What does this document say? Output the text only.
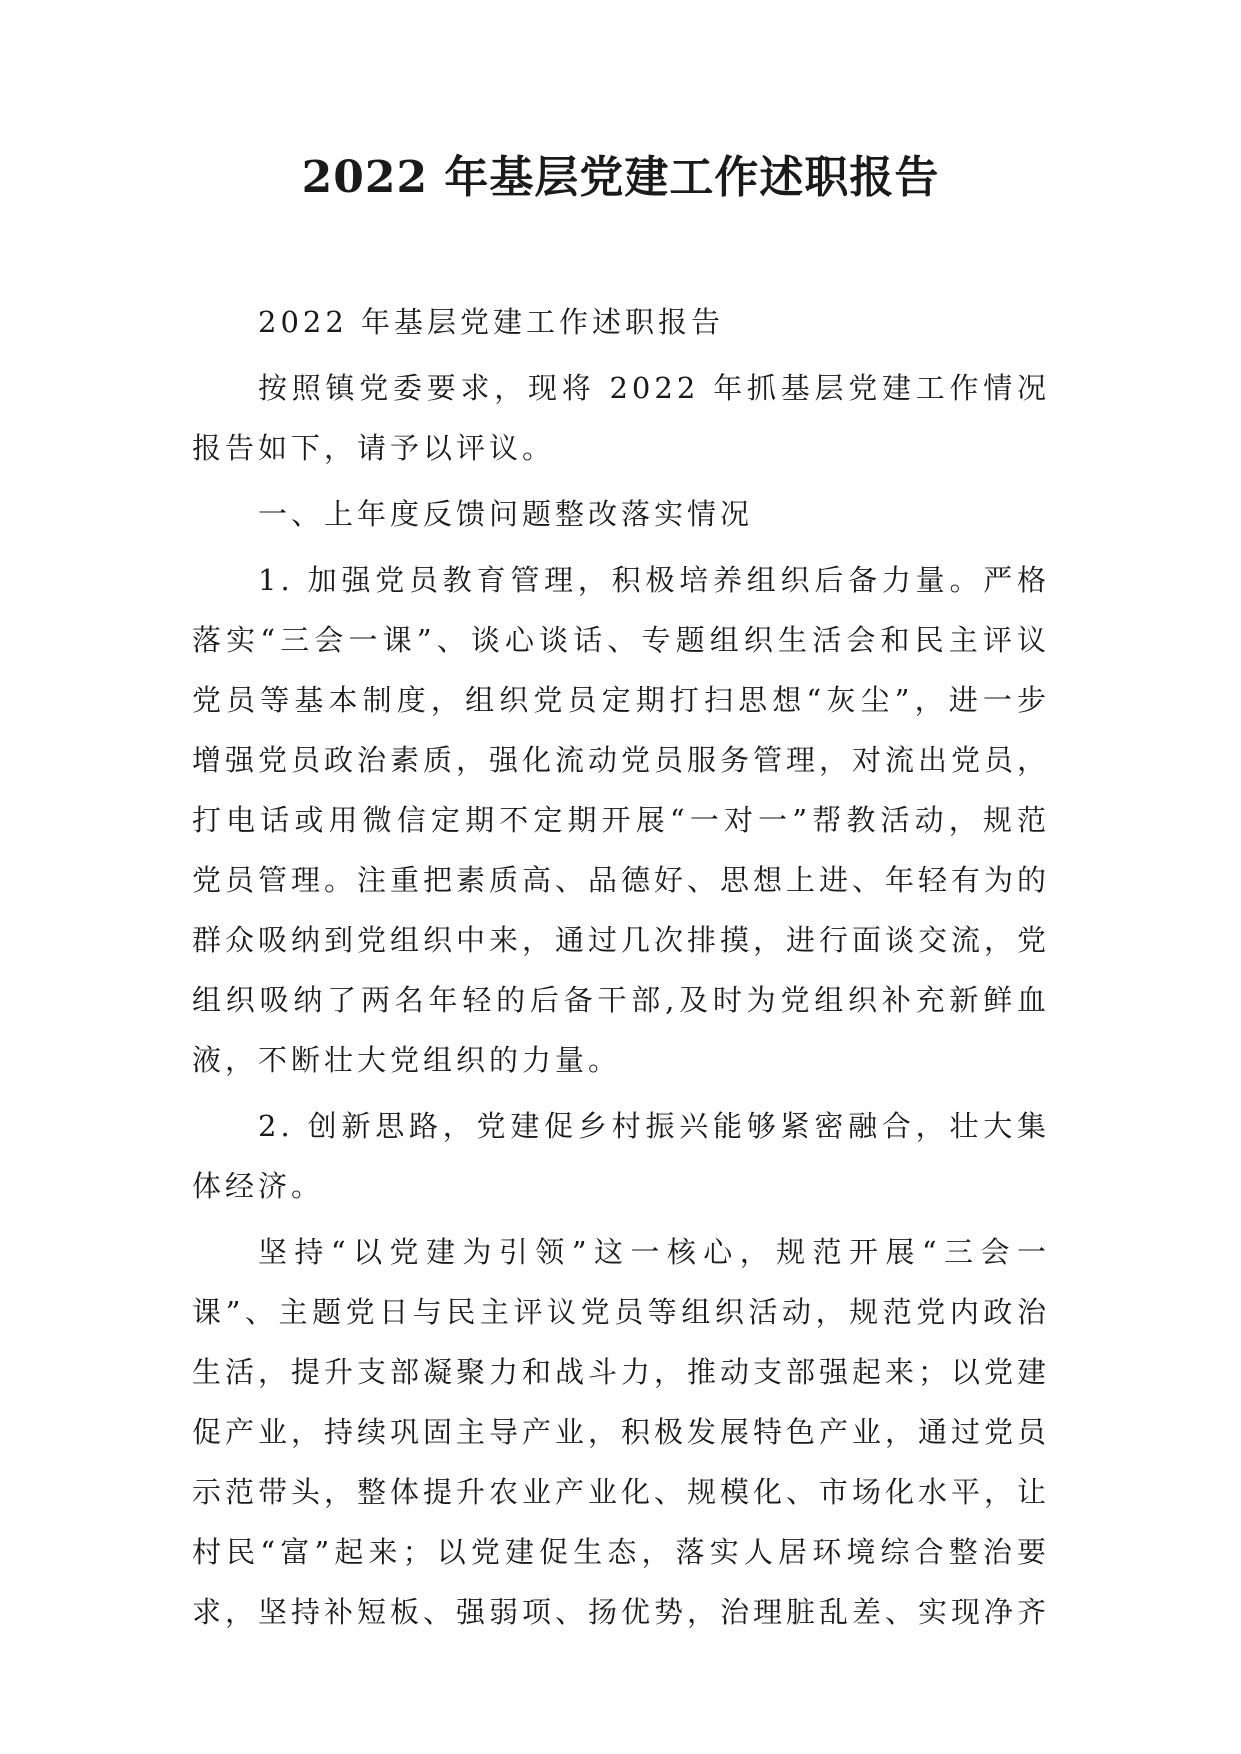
2022 年基层党建工作述职报告

2022 年基层党建工作述职报告

按照镇党委要求，现将 2022 年抓基层党建工作情况报告如下，请予以评议。

一、上年度反馈问题整改落实情况

1. 加强党员教育管理，积极培养组织后备力量。严格落实“三会一课”、谈心谈话、专题组织生活会和民主评议党员等基本制度，组织党员定期打扫思想“灰尘”，进一步增强党员政治素质，强化流动党员服务管理，对流出党员，打电话或用微信定期不定期开展“一对一”帮教活动，规范党员管理。注重把素质高、品德好、思想上进、年轻有为的群众吸纳到党组织中来，通过几次排摸，进行面谈交流，党组织吸纳了两名年轻的后备干部,及时为党组织补充新鲜血液，不断壮大党组织的力量。

2. 创新思路，党建促乡村振兴能够紧密融合，壮大集体经济。

坚持“以党建为引领”这一核心，规范开展“三会一课”、主题党日与民主评议党员等组织活动，规范党内政治生活，提升支部凝聚力和战斗力，推动支部强起来；以党建促产业，持续巩固主导产业，积极发展特色产业，通过党员示范带头，整体提升农业产业化、规模化、市场化水平，让村民“富”起来；以党建促生态，落实人居环境综合整治要求，坚持补短板、强弱项、扬优势，治理脏乱差、实现净齐
